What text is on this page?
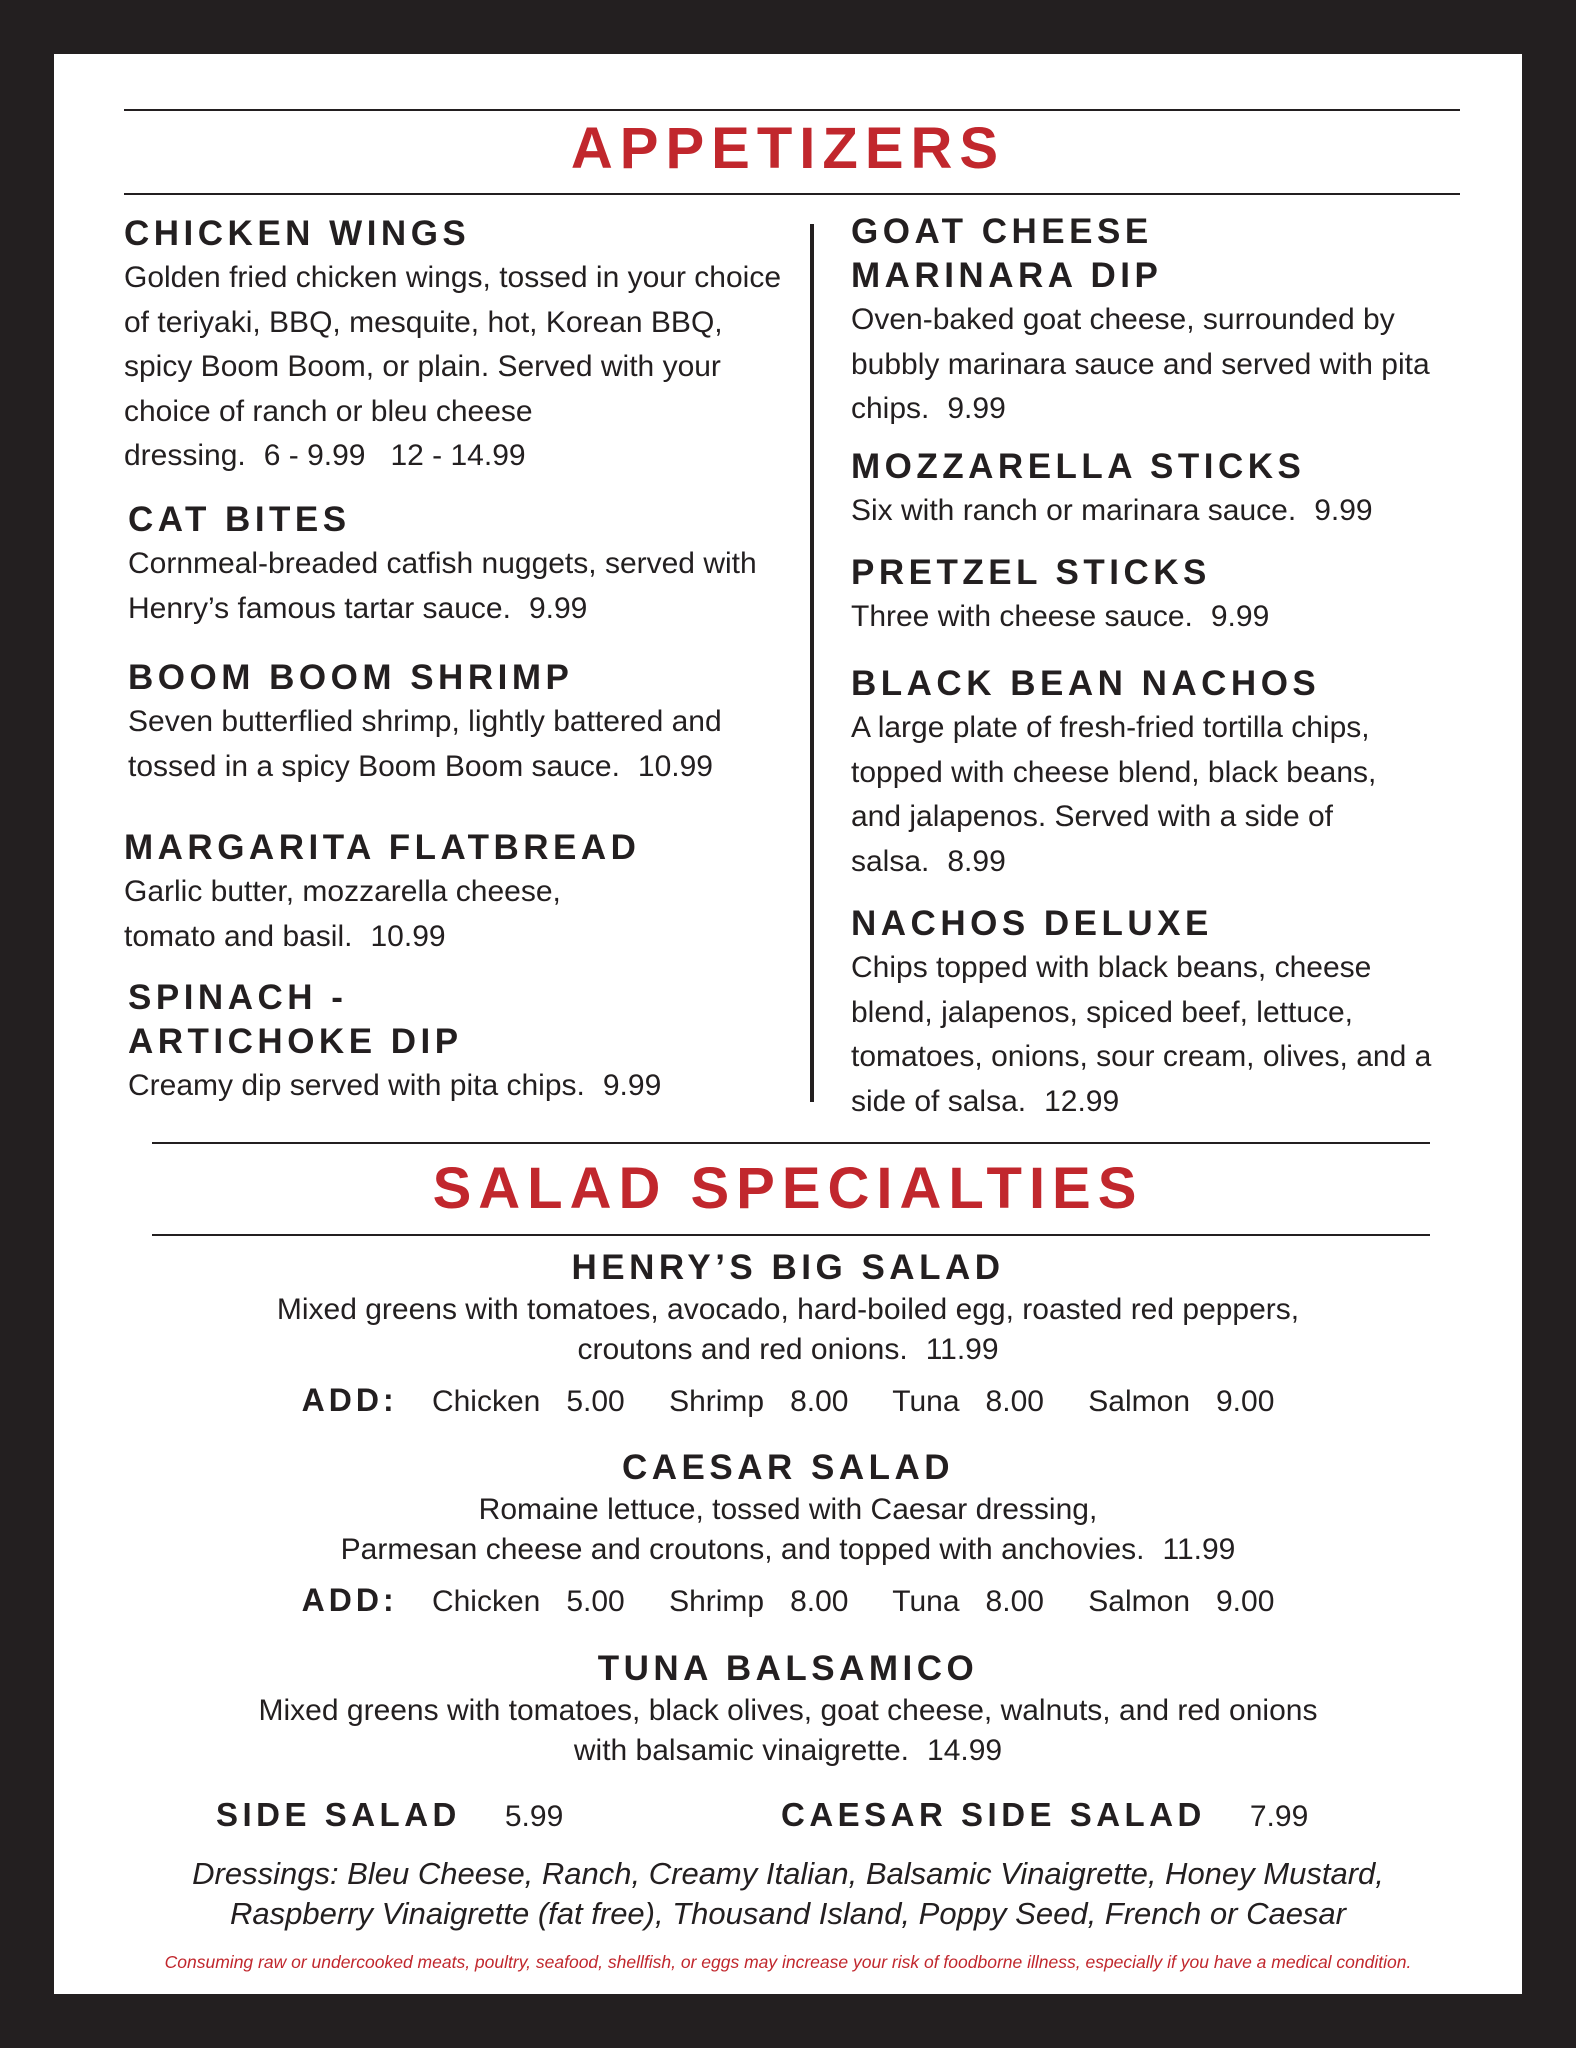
APPETIZERS

CHICKEN WINGS

Golden fried chicken wings, tossed in your choice of teriyaki, BBQ, mesquite, hot, Korean BBQ, spicy Boom Boom, or plain. Served with your choice of ranch or bleu cheese dressing. 6 - 9.99   12 - 14.99

CAT BITES

Cornmeal-breaded catfish nuggets, served with Henry’s famous tartar sauce. 9.99

BOOM BOOM SHRIMP

Seven butterflied shrimp, lightly battered and tossed in a spicy Boom Boom sauce. 10.99

MARGARITA FLATBREAD

Garlic butter, mozzarella cheese, tomato and basil. 10.99

SPINACH - ARTICHOKE DIP

Creamy dip served with pita chips. 9.99

GOAT CHEESE MARINARA DIP

Oven-baked goat cheese, surrounded by bubbly marinara sauce and served with pita chips. 9.99

MOZZARELLA STICKS

Six with ranch or marinara sauce. 9.99

PRETZEL STICKS

Three with cheese sauce. 9.99

BLACK BEAN NACHOS

A large plate of fresh-fried tortilla chips, topped with cheese blend, black beans, and jalapenos. Served with a side of salsa. 8.99

NACHOS DELUXE

Chips topped with black beans, cheese blend, jalapenos, spiced beef, lettuce, tomatoes, onions, sour cream, olives, and a side of salsa. 12.99

SALAD SPECIALTIES

HENRY’S BIG SALAD

Mixed greens with tomatoes, avocado, hard-boiled egg, roasted red peppers,

croutons and red onions. 11.99

ADD: Chicken 5.00 Shrimp 8.00 Tuna 8.00 Salmon 9.00

CAESAR SALAD

Romaine lettuce, tossed with Caesar dressing,

Parmesan cheese and croutons, and topped with anchovies. 11.99

ADD: Chicken 5.00 Shrimp 8.00 Tuna 8.00 Salmon 9.00

TUNA BALSAMICO

Mixed greens with tomatoes, black olives, goat cheese, walnuts, and red onions

with balsamic vinaigrette. 14.99

SIDE SALAD 5.99	CAESAR SIDE SALAD 7.99

Dressings: Bleu Cheese, Ranch, Creamy Italian, Balsamic Vinaigrette, Honey Mustard,

Raspberry Vinaigrette (fat free), Thousand Island, Poppy Seed, French or Caesar

Consuming raw or undercooked meats, poultry, seafood, shellfish, or eggs may increase your risk of foodborne illness, especially if you have a medical condition.
